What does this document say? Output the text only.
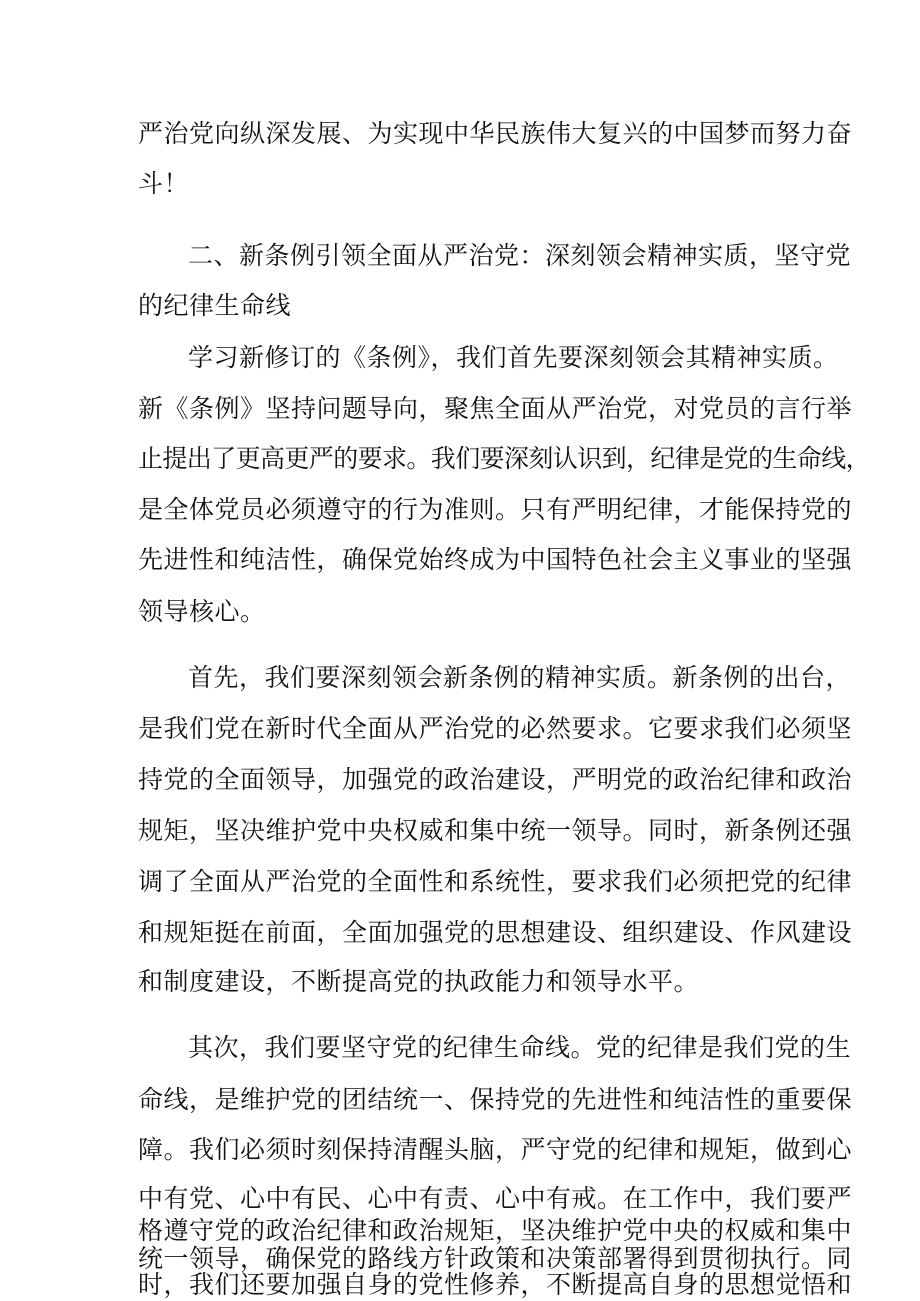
严治党向纵深发展、为实现中华民族伟大复兴的中国梦而努力奋
斗！
二、新条例引领全面从严治党：深刻领会精神实质，坚守党
的纪律生命线
学习新修订的《条例》，我们首先要深刻领会其精神实质。
新《条例》坚持问题导向，聚焦全面从严治党，对党员的言行举
止提出了更高更严的要求。我们要深刻认识到，纪律是党的生命线，
是全体党员必须遵守的行为准则。只有严明纪律，才能保持党的
先进性和纯洁性，确保党始终成为中国特色社会主义事业的坚强
领导核心。
首先，我们要深刻领会新条例的精神实质。新条例的出台，
是我们党在新时代全面从严治党的必然要求。它要求我们必须坚
持党的全面领导，加强党的政治建设，严明党的政治纪律和政治
规矩，坚决维护党中央权威和集中统一领导。同时，新条例还强
调了全面从严治党的全面性和系统性，要求我们必须把党的纪律
和规矩挺在前面，全面加强党的思想建设、组织建设、作风建设
和制度建设，不断提高党的执政能力和领导水平。
其次，我们要坚守党的纪律生命线。党的纪律是我们党的生
命线，是维护党的团结统一、保持党的先进性和纯洁性的重要保
障。我们必须时刻保持清醒头脑，严守党的纪律和规矩，做到心
中有党、心中有民、心中有责、心中有戒。在工作中，我们要严
格遵守党的政治纪律和政治规矩，坚决维护党中央的权威和集中
统一领导，确保党的路线方针政策和决策部署得到贯彻执行。同
时，我们还要加强自身的党性修养，不断提高自身的思想觉悟和
